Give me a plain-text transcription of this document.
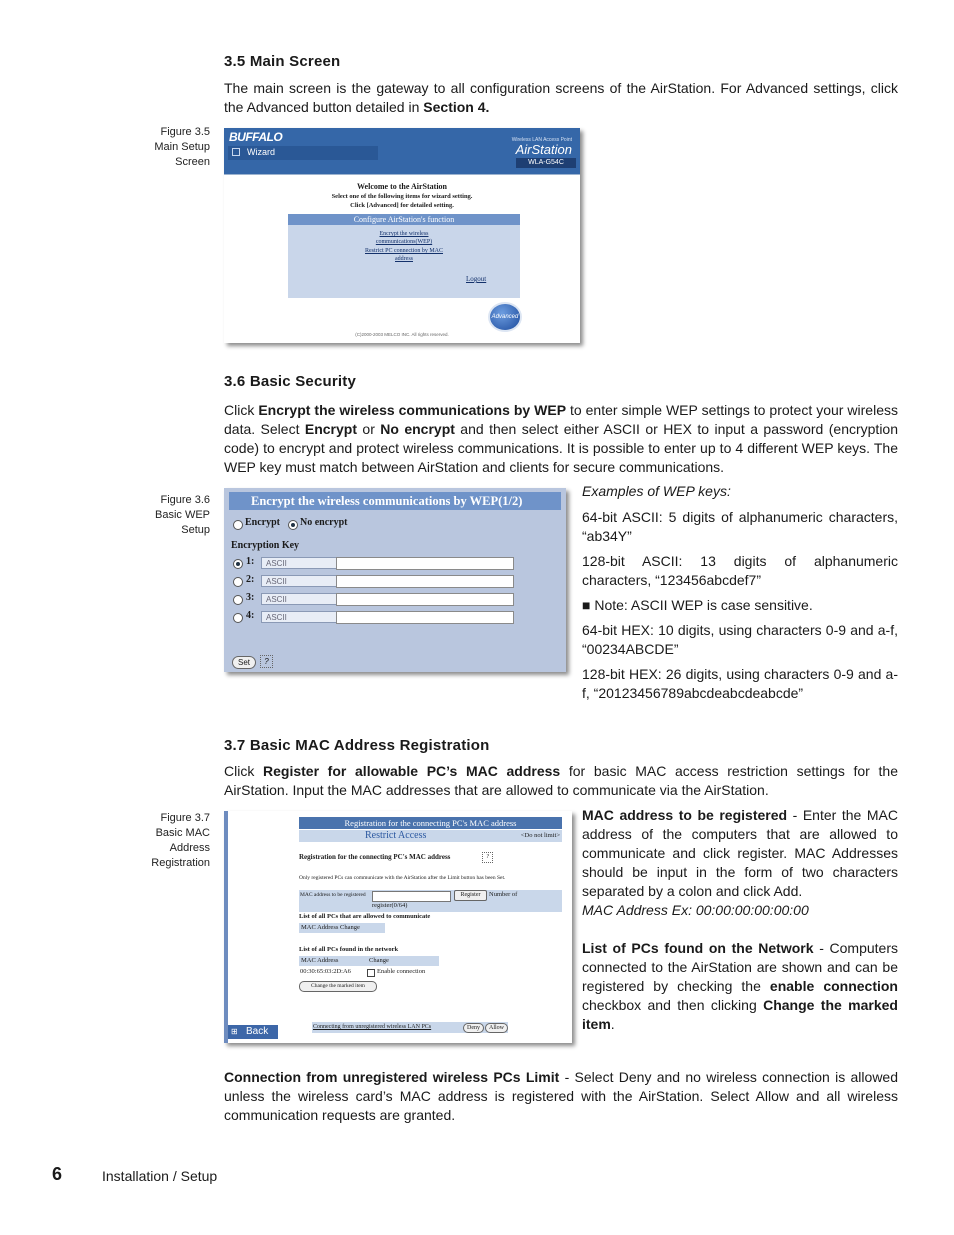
3.5 Main Screen
The main screen is the gateway to all configuration screens of the AirStation. For Advanced settings, click the Advanced button detailed in Section 4.
Figure 3.5
Main Setup
Screen
BUFFALO
Wizard
Wireless LAN Access Point
AirStation
WLA-G54C
Welcome to the AirStation
Select one of the following items for wizard setting.
Click [Advanced] for detailed setting.
Configure AirStation's function
Encrypt the wireless
communications(WEP)
Restrict PC connection by MAC
address
Logout
Advanced
(C)2000-2003 MELCO INC. All rights reserved.
3.6 Basic Security
Click Encrypt the wireless communications by WEP to enter simple WEP settings to protect your wireless data. Select Encrypt or No encrypt and then select either ASCII or HEX to input a password (encryption code) to encrypt and protect wireless communications. It is possible to enter up to 4 different WEP keys. The WEP key must match between AirStation and clients for secure communications.
Figure 3.6
Basic WEP
Setup
Encrypt the wireless communications by WEP(1/2)
Encrypt No encrypt
Encryption Key
1:	ASCII
2:	ASCII
3:	ASCII
4:	ASCII
Set	?

Examples of WEP keys:

64-bit ASCII: 5 digits of alphanumeric characters, “ab34Y”

128-bit ASCII: 13 digits of alphanumeric characters, “123456abcdef7”

■ Note: ASCII WEP is case sensitive.

64-bit HEX: 10 digits, using characters 0-9 and a-f, “00234ABCDE”

128-bit HEX: 26 digits, using characters 0-9 and a-f, “20123456789abcdeabcdeabcde”

3.7 Basic MAC Address Registration
Click Register for allowable PC’s MAC address for basic MAC access restriction settings for the AirStation. Input the MAC addresses that are allowed to communicate via the AirStation.
Figure 3.7
Basic MAC
Address
Registration
Registration for the connecting PC's MAC address
Restrict Access	<Do not limit>
Registration for the connecting PC's MAC address	?
Only registered PCs can communicate with the AirStation after the Limit button has been Set.
MAC address to be registered	Register	Number of
register(0/64)
List of all PCs that are allowed to communicate
MAC Address Change
List of all PCs found in the network
MAC Address	Change
00:30:65:03:2D:A6	Enable connection
Change the marked item
⊞ Back	Connecting from unregistered wireless LAN PCs	Deny	Allow
MAC address to be registered - Enter the MAC address of the computers that are allowed to communicate and click register. MAC Addresses should be input in the form of two characters separated by a colon and click Add.
MAC Address Ex: 00:00:00:00:00:00
List of PCs found on the Network - Computers connected to the AirStation are shown and can be registered by checking the enable connection checkbox and then clicking Change the marked item.
Connection from unregistered wireless PCs Limit - Select Deny and no wireless connection is allowed unless the wireless card’s MAC address is registered with the AirStation. Select Allow and all wireless communication requests are granted.
6	Installation / Setup
